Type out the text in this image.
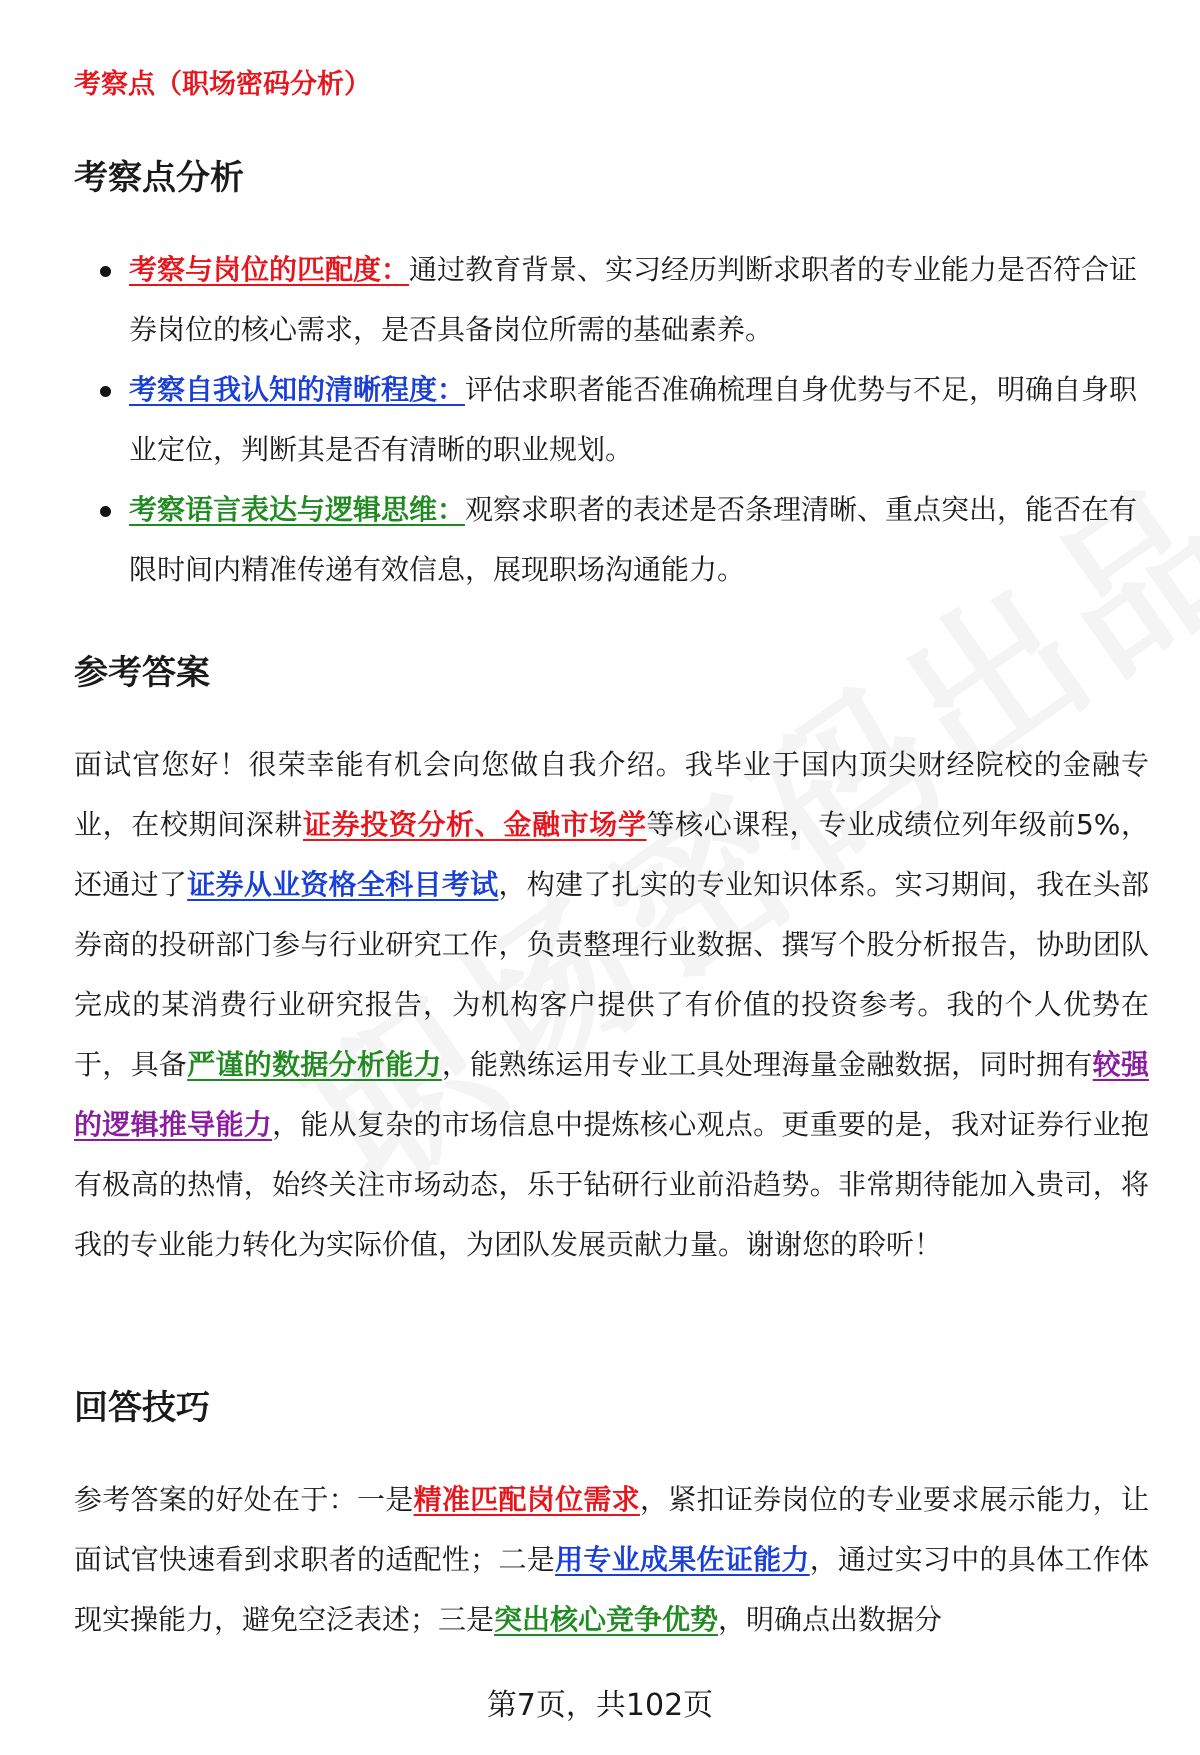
考察点（职场密码分析）
考察点分析
考察与岗位的匹配度：通过教育背景、实习经历判断求职者的专业能力是否符合证券岗位的核心需求，是否具备岗位所需的基础素养。
考察自我认知的清晰程度：评估求职者能否准确梳理自身优势与不足，明确自身职业定位，判断其是否有清晰的职业规划。
考察语言表达与逻辑思维：观察求职者的表述是否条理清晰、重点突出，能否在有限时间内精准传递有效信息，展现职场沟通能力。
参考答案

面试官您好！很荣幸能有机会向您做自我介绍。我毕业于国内顶尖财经院校的金融专业，在校期间深耕证券投资分析、金融市场学等核心课程，专业成绩位列年级前5%，还通过了证券从业资格全科目考试，构建了扎实的专业知识体系。实习期间，我在头部券商的投研部门参与行业研究工作，负责整理行业数据、撰写个股分析报告，协助团队完成的某消费行业研究报告，为机构客户提供了有价值的投资参考。我的个人优势在于，具备严谨的数据分析能力，能熟练运用专业工具处理海量金融数据，同时拥有较强的逻辑推导能力，能从复杂的市场信息中提炼核心观点。更重要的是，我对证券行业抱有极高的热情，始终关注市场动态，乐于钻研行业前沿趋势。非常期待能加入贵司，将我的专业能力转化为实际价值，为团队发展贡献力量。谢谢您的聆听！

回答技巧

参考答案的好处在于：一是精准匹配岗位需求，紧扣证券岗位的专业要求展示能力，让面试官快速看到求职者的适配性；二是用专业成果佐证能力，通过实习中的具体工作体现实操能力，避免空泛表述；三是突出核心竞争优势，明确点出数据分

第7页，共102页
